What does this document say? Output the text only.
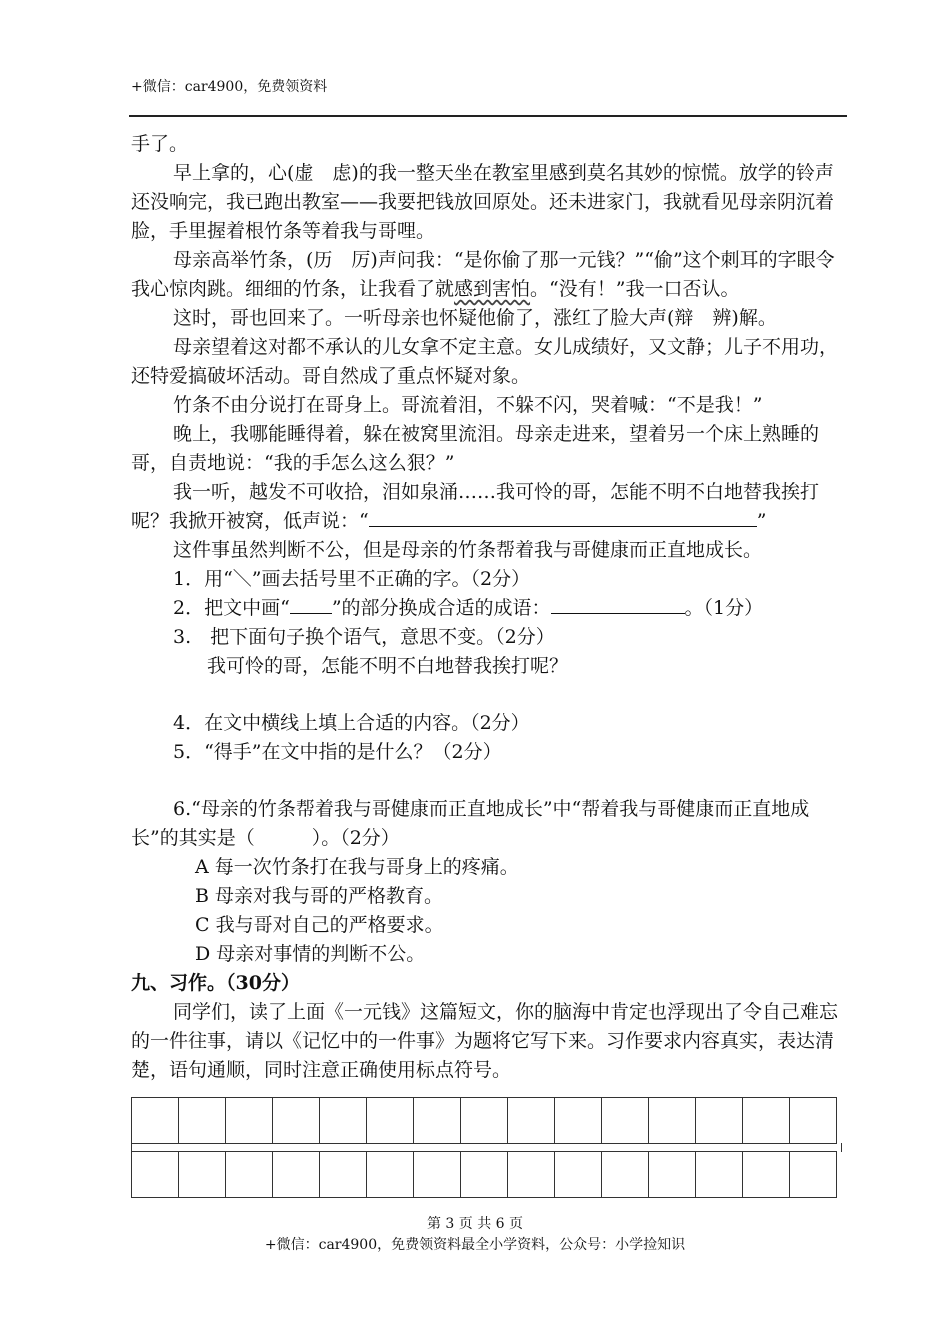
+微信：car4900，免费领资料

手了。

早上拿的，心(虚　虑)的我一整天坐在教室里感到莫名其妙的惊慌。放学的铃声还没响完，我已跑出教室——我要把钱放回原处。还未进家门，我就看见母亲阴沉着脸，手里握着根竹条等着我与哥哩。

母亲高举竹条，(历　厉)声问我：“是你偷了那一元钱？”“偷”这个刺耳的字眼令我心惊肉跳。细细的竹条，让我看了就感到害怕。“没有！”我一口否认。

这时，哥也回来了。一听母亲也怀疑他偷了，涨红了脸大声(辩　辨)解。

母亲望着这对都不承认的儿女拿不定主意。女儿成绩好，又文静；儿子不用功，还特爱搞破坏活动。哥自然成了重点怀疑对象。

竹条不由分说打在哥身上。哥流着泪，不躲不闪，哭着喊：“不是我！”

晚上，我哪能睡得着，躲在被窝里流泪。母亲走进来，望着另一个床上熟睡的哥，自责地说：“我的手怎么这么狠？”

我一听，越发不可收拾，泪如泉涌……我可怜的哥，怎能不明不白地替我挨打呢？我掀开被窝，低声说：“	”

这件事虽然判断不公，但是母亲的竹条帮着我与哥健康而正直地成长。

1．用“＼”画去括号里不正确的字。（2分）

2．把文中画“ ”的部分换成合适的成语：	。（1分）

3.　把下面句子换个语气，意思不变。（2分）

我可怜的哥，怎能不明不白地替我挨打呢？

4．在文中横线上填上合适的内容。（2分）

5．“得手”在文中指的是什么？（2分）

6.“母亲的竹条帮着我与哥健康而正直地成长”中“帮着我与哥健康而正直地成长”的其实是（　　　）。（2分）

A 每一次竹条打在我与哥身上的疼痛。

B 母亲对我与哥的严格教育。

C 我与哥对自己的严格要求。

D 母亲对事情的判断不公。

九、习作。（30分）

同学们，读了上面《一元钱》这篇短文，你的脑海中肯定也浮现出了令自己难忘的一件往事，请以《记忆中的一件事》为题将它写下来。习作要求内容真实，表达清楚，语句通顺，同时注意正确使用标点符号。

第 3 页 共 6 页
+微信：car4900，免费领资料最全小学资料，公众号：小学捡知识
